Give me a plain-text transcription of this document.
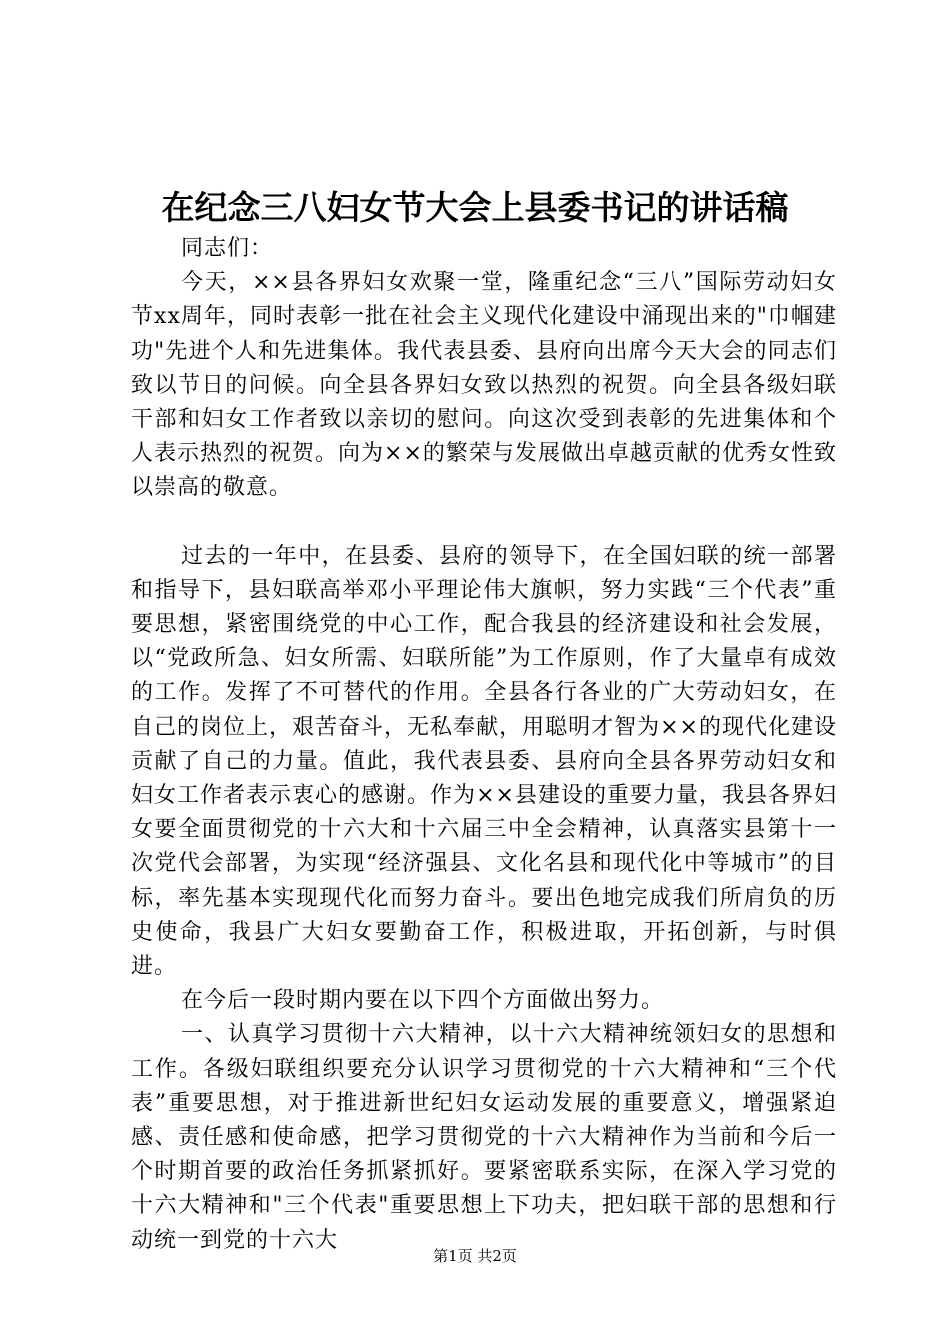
在纪念三八妇女节大会上县委书记的讲话稿

同志们：

今天，××县各界妇女欢聚一堂，隆重纪念“三八”国际劳动妇女节xx周年，同时表彰一批在社会主义现代化建设中涌现出来的"巾帼建功"先进个人和先进集体。我代表县委、县府向出席今天大会的同志们致以节日的问候。向全县各界妇女致以热烈的祝贺。向全县各级妇联干部和妇女工作者致以亲切的慰问。向这次受到表彰的先进集体和个人表示热烈的祝贺。向为××的繁荣与发展做出卓越贡献的优秀女性致以崇高的敬意。

过去的一年中，在县委、县府的领导下，在全国妇联的统一部署和指导下，县妇联高举邓小平理论伟大旗帜，努力实践“三个代表”重要思想，紧密围绕党的中心工作，配合我县的经济建设和社会发展，以“党政所急、妇女所需、妇联所能”为工作原则，作了大量卓有成效的工作。发挥了不可替代的作用。全县各行各业的广大劳动妇女，在自己的岗位上，艰苦奋斗，无私奉献，用聪明才智为××的现代化建设贡献了自己的力量。值此，我代表县委、县府向全县各界劳动妇女和妇女工作者表示衷心的感谢。作为××县建设的重要力量，我县各界妇女要全面贯彻党的十六大和十六届三中全会精神，认真落实县第十一次党代会部署，为实现“经济强县、文化名县和现代化中等城市”的目标，率先基本实现现代化而努力奋斗。要出色地完成我们所肩负的历史使命，我县广大妇女要勤奋工作，积极进取，开拓创新，与时俱进。

在今后一段时期内要在以下四个方面做出努力。

一、认真学习贯彻十六大精神，以十六大精神统领妇女的思想和工作。各级妇联组织要充分认识学习贯彻党的十六大精神和“三个代表”重要思想，对于推进新世纪妇女运动发展的重要意义，增强紧迫感、责任感和使命感，把学习贯彻党的十六大精神作为当前和今后一个时期首要的政治任务抓紧抓好。要紧密联系实际，在深入学习党的十六大精神和"三个代表"重要思想上下功夫，把妇联干部的思想和行动统一到党的十六大

第1页 共2页
